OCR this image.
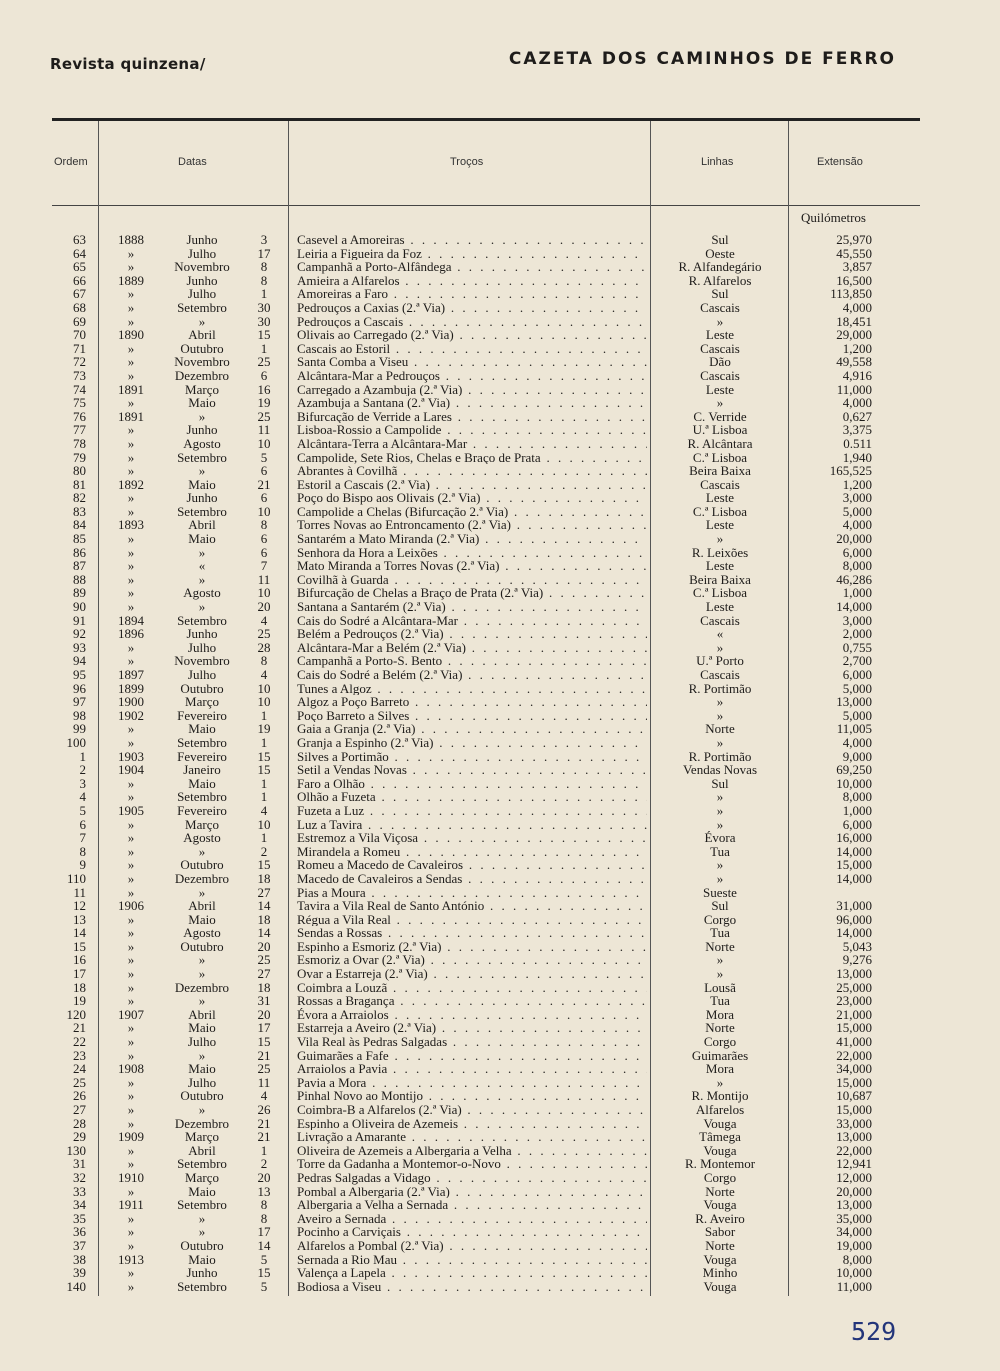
Revista quinzena/	CAZETA DOS CAMINHOS DE FERRO
Ordem	Datas	Troços	Linhas	Extensão
Quilómetros
63	1888	Junho	3	Casevel a Amoreiras . . .	Sul	25,970
64	»	Julho	17	Leiria a Figueira da Foz . . .	Oeste	45,550
65	»	Novembro	8	Campanhã a Porto-Alfândega . . .	R. Alfandegário	3,857
66	1889	Junho	8	Amieira a Alfarelos . . .	R. Alfarelos	16,500
67	»	Julho	1	Amoreiras a Faro . . .	Sul	113,850
68	»	Setembro	30	Pedrouços a Caxias (2.ª Via) . . .	Cascais	4,000
69	»	»	30	Pedrouços a Cascais . . .	»	18,451
70	1890	Abril	15	Olivais ao Carregado (2.ª Via) . . .	Leste	29,000
71	»	Outubro	1	Cascais ao Estoril . . .	Cascais	1,200
72	»	Novembro	25	Santa Comba a Viseu . . .	Dão	49,558
73	»	Dezembro	6	Alcântara-Mar a Pedrouços . . .	Cascais	4,916
74	1891	Março	16	Carregado a Azambuja (2.ª Via) . . .	Leste	11,000
75	»	Maio	19	Azambuja a Santana (2.ª Via) . . .	»	4,000
76	1891	»	25	Bifurcação de Verride a Lares . . .	C. Verride	0,627
77	»	Junho	11	Lisboa-Rossio a Campolide . . .	U.ª Lisboa	3,375
78	»	Agosto	10	Alcântara-Terra a Alcântara-Mar . . .	R. Alcântara	0.511
79	»	Setembro	5	Campolide, Sete Rios, Chelas e Braço de Prata . . .	C.ª Lisboa	1,940
80	»	»	6	Abrantes à Covilhã . . .	Beira Baixa	165,525
81	1892	Maio	21	Estoril a Cascais (2.ª Via) . . .	Cascais	1,200
82	»	Junho	6	Poço do Bispo aos Olivais (2.ª Via) . . .	Leste	3,000
83	»	Setembro	10	Campolide a Chelas (Bifurcação 2.ª Via) . . .	C.ª Lisboa	5,000
84	1893	Abril	8	Torres Novas ao Entroncamento (2.ª Via) . . .	Leste	4,000
85	»	Maio	6	Santarém a Mato Miranda (2.ª Via) . . .	»	20,000
86	»	»	6	Senhora da Hora a Leixões . . .	R. Leixões	6,000
87	»	«	7	Mato Miranda a Torres Novas (2.ª Via) . . .	Leste	8,000
88	»	»	11	Covilhã à Guarda . . .	Beira Baixa	46,286
89	»	Agosto	10	Bifurcação de Chelas a Braço de Prata (2.ª Via) . . .	C.ª Lisboa	1,000
90	»	»	20	Santana a Santarém (2.ª Via) . . .	Leste	14,000
91	1894	Setembro	4	Cais do Sodré a Alcântara-Mar . . .	Cascais	3,000
92	1896	Junho	25	Belém a Pedrouços (2.ª Via) . . .	«	2,000
93	»	Julho	28	Alcântara-Mar a Belém (2.ª Via) . . .	»	0,755
94	»	Novembro	8	Campanhã a Porto-S. Bento . . .	U.ª Porto	2,700
95	1897	Julho	4	Cais do Sodré a Belém (2.ª Via) . . .	Cascais	6,000
96	1899	Outubro	10	Tunes a Algoz . . .	R. Portimão	5,000
97	1900	Março	10	Algoz a Poço Barreto . . .	»	13,000
98	1902	Fevereiro	1	Poço Barreto a Silves . . .	»	5,000
99	»	Maio	19	Gaia a Granja (2.ª Via) . . .	Norte	11,005
100	»	Setembro	1	Granja a Espinho (2.ª Via) . . .	»	4,000
1	1903	Fevereiro	15	Silves a Portimão . . .	R. Portimão	9,000
2	1904	Janeiro	15	Setil a Vendas Novas . . .	Vendas Novas	69,250
3	»	Maio	1	Faro a Olhão . . .	Sul	10,000
4	»	Setembro	1	Olhão a Fuzeta . . .	»	8,000
5	1905	Fevereiro	4	Fuzeta a Luz . . .	»	1,000
6	»	Março	10	Luz a Tavira . . .	»	6,000
7	»	Agosto	1	Estremoz a Vila Viçosa . . .	Évora	16,000
8	»	»	2	Mirandela a Romeu . . .	Tua	14,000
9	»	Outubro	15	Romeu a Macedo de Cavaleiros . . .	»	15,000
110	»	Dezembro	18	Macedo de Cavaleiros a Sendas . . .	»	14,000
11	»	»	27	Pias a Moura . . .	Sueste
12	1906	Abril	14	Tavira a Vila Real de Santo António . . .	Sul	31,000
13	»	Maio	18	Régua a Vila Real . . .	Corgo	96,000
14	»	Agosto	14	Sendas a Rossas . . .	Tua	14,000
15	»	Outubro	20	Espinho a Esmoriz (2.ª Via) . . .	Norte	5,043
16	»	»	25	Esmoriz a Ovar (2.ª Via) . . .	»	9,276
17	»	»	27	Ovar a Estarreja (2.ª Via) . . .	»	13,000
18	»	Dezembro	18	Coimbra a Louzã . . .	Lousã	25,000
19	»	»	31	Rossas a Bragança . . .	Tua	23,000
120	1907	Abril	20	Évora a Arraiolos . . .	Mora	21,000
21	»	Maio	17	Estarreja a Aveiro (2.ª Via) . . .	Norte	15,000
22	»	Julho	15	Vila Real às Pedras Salgadas . . .	Corgo	41,000
23	»	»	21	Guimarães a Fafe . . .	Guimarães	22,000
24	1908	Maio	25	Arraiolos a Pavia . . .	Mora	34,000
25	»	Julho	11	Pavia a Mora . . .	»	15,000
26	»	Outubro	4	Pinhal Novo ao Montijo . . .	R. Montijo	10,687
27	»	»	26	Coimbra-B a Alfarelos (2.ª Via) . . .	Alfarelos	15,000
28	»	Dezembro	21	Espinho a Oliveira de Azemeis . . .	Vouga	33,000
29	1909	Março	21	Livração a Amarante . . .	Tâmega	13,000
130	»	Abril	1	Oliveira de Azemeis a Albergaria a Velha . . .	Vouga	22,000
31	»	Setembro	2	Torre da Gadanha a Montemor-o-Novo . . .	R. Montemor	12,941
32	1910	Março	20	Pedras Salgadas a Vidago . . .	Corgo	12,000
33	»	Maio	13	Pombal a Albergaria (2.ª Via) . . .	Norte	20,000
34	1911	Setembro	8	Albergaria a Velha a Sernada . . .	Vouga	13,000
35	»	»	8	Aveiro a Sernada . . .	R. Aveiro	35,000
36	»	»	17	Pocinho a Carviçais . . .	Sabor	34,000
37	»	Outubro	14	Alfarelos a Pombal (2.ª Via) . . .	Norte	19,000
38	1913	Maio	5	Sernada a Rio Mau . . .	Vouga	8,000
39	»	Junho	15	Valença a Lapela . . .	Minho	10,000
140	»	Setembro	5	Bodiosa a Viseu . . .	Vouga	11,000
529
